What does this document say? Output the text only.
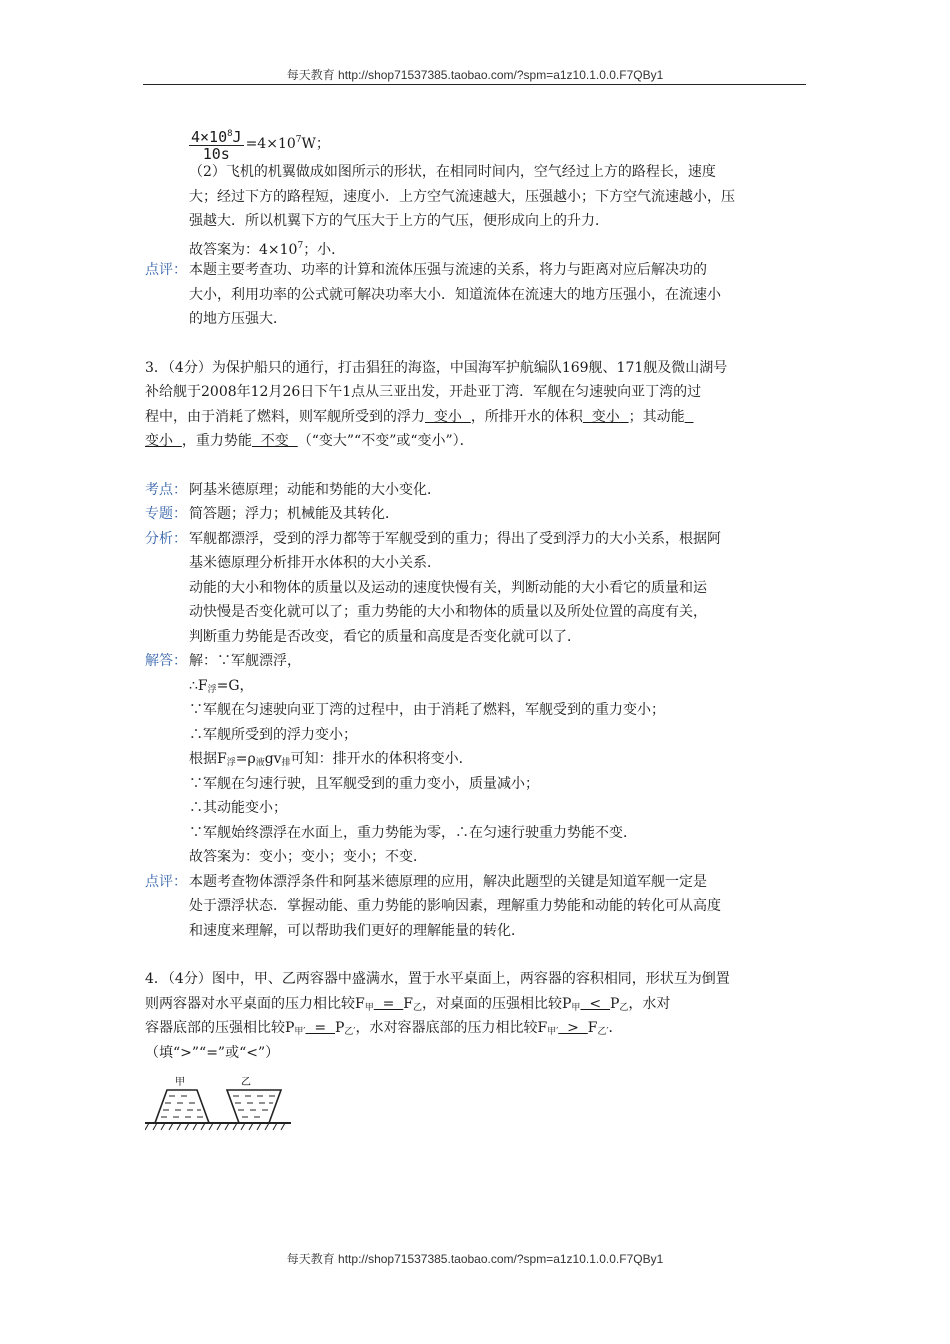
每天教育 http://shop71537385.taobao.com/?spm=a1z10.1.0.0.F7QBy1
$\frac{4\times 10^8J}{10s} =4\times 10^7W$；
（2）飞机的机翼做成如图所示的形状，在相同时间内，空气经过上方的路程长，速度
大；经过下方的路程短，速度小．上方空气流速越大，压强越小；下方空气流速越小，压
强越大．所以机翼下方的气压大于上方的气压，便形成向上的升力．
故答案为：$4\times 10^7$；小．
点评： 本题主要考查功、功率的计算和流体压强与流速的关系，将力与距离对应后解决功的
大小，利用功率的公式就可解决功率大小．知道流体在流速大的地方压强小，在流速小
的地方压强大．
3．（4分）为保护船只的通行，打击猖狂的海盗，中国海军护航编队169舰、171舰及微山湖号
补给舰于2008年12月26日下午1点从三亚出发，开赴亚丁湾．军舰在匀速驶向亚丁湾的过
程中，由于消耗了燃料，则军舰所受到的浮力  变小  ，所排开水的体积  变小  ；其动能
变小  ，重力势能  不变  （“变大”“不变”或“变小”）．
考点： 阿基米德原理；动能和势能的大小变化．
专题： 简答题；浮力；机械能及其转化．
分析： 军舰都漂浮，受到的浮力都等于军舰受到的重力；得出了受到浮力的大小关系，根据阿
基米德原理分析排开水体积的大小关系．
动能的大小和物体的质量以及运动的速度快慢有关，判断动能的大小看它的质量和运
动快慢是否变化就可以了；重力势能的大小和物体的质量以及所处位置的高度有关，
判断重力势能是否改变，看它的质量和高度是否变化就可以了．
解答： 解：∵军舰漂浮，
$\therefore F_浮=G$，
∵军舰在匀速驶向亚丁湾的过程中，由于消耗了燃料，军舰受到的重力变小；
∴军舰所受到的浮力变小；
根据$F_浮=\rho_液gv_排$可知：排开水的体积将变小．
∵军舰在匀速行驶，且军舰受到的重力变小，质量减小；
∴其动能变小；
∵军舰始终漂浮在水面上，重力势能为零，∴在匀速行驶重力势能不变．
故答案为：变小；变小；变小；不变．
点评： 本题考查物体漂浮条件和阿基米德原理的应用，解决此题型的关键是知道军舰一定是
处于漂浮状态．掌握动能、重力势能的影响因素，理解重力势能和动能的转化可从高度
和速度来理解，可以帮助我们更好的理解能量的转化．
4．（4分）图中，甲、乙两容器中盛满水，置于水平桌面上，两容器的容积相同，形状互为倒置
则两容器对水平桌面的压力相比较$F_甲 = F_乙$，对桌面的压强相比较$P_甲 < P_乙$，水对
容器底部的压强相比较$P_{甲'} = P_{乙'}$，水对容器底部的压力相比较$F_{甲'} > F_{乙'}$．
（填“>”“=”或“<”）
甲	乙
每天教育 http://shop71537385.taobao.com/?spm=a1z10.1.0.0.F7QBy1
